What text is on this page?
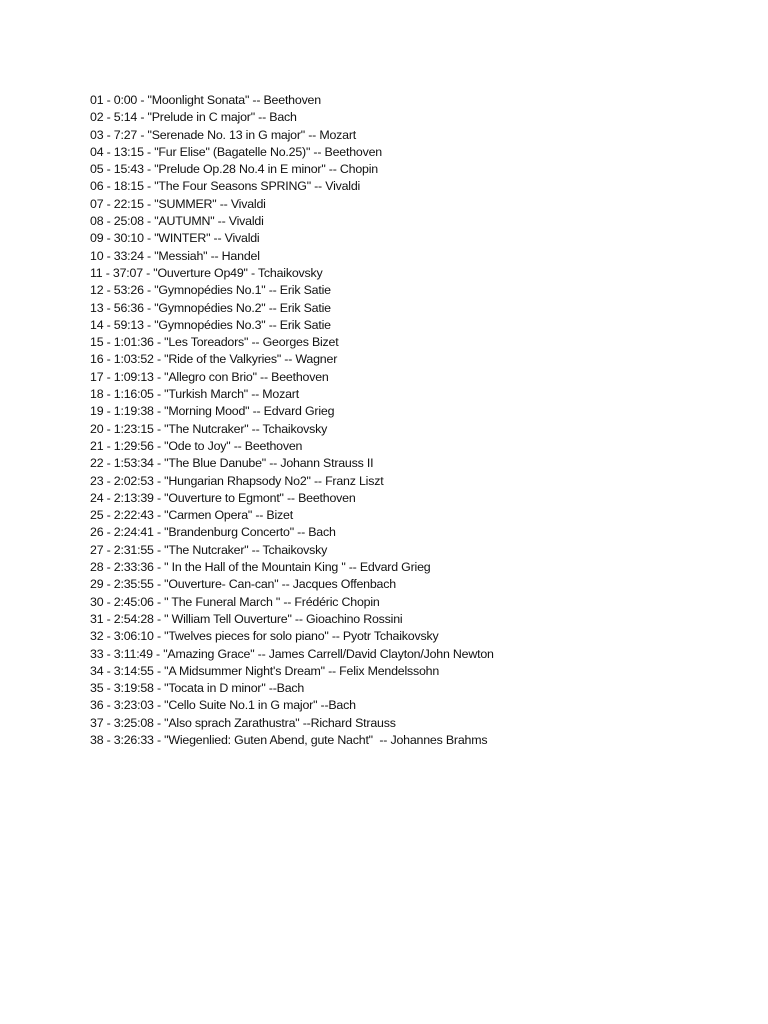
01 - 0:00 - "Moonlight Sonata" -- Beethoven
02 - 5:14 - "Prelude in C major" -- Bach
03 - 7:27 - "Serenade No. 13 in G major" -- Mozart
04 - 13:15 - "Fur Elise" (Bagatelle No.25)" -- Beethoven
05 - 15:43 - "Prelude Op.28 No.4 in E minor" -- Chopin
06 - 18:15 - "The Four Seasons SPRING" -- Vivaldi
07 - 22:15 - "SUMMER" -- Vivaldi
08 - 25:08 - "AUTUMN" -- Vivaldi
09 - 30:10 - "WINTER" -- Vivaldi
10 - 33:24 - "Messiah" -- Handel
11 - 37:07 - "Ouverture Op49" - Tchaikovsky
12 - 53:26 - "Gymnopédies No.1" -- Erik Satie
13 - 56:36 - "Gymnopédies No.2" -- Erik Satie
14 - 59:13 - "Gymnopédies No.3" -- Erik Satie
15 - 1:01:36 - "Les Toreadors" -- Georges Bizet
16 - 1:03:52 - "Ride of the Valkyries" -- Wagner
17 - 1:09:13 - "Allegro con Brio" -- Beethoven
18 - 1:16:05 - "Turkish March" -- Mozart
19 - 1:19:38 - "Morning Mood" -- Edvard Grieg
20 - 1:23:15 - "The Nutcraker" -- Tchaikovsky
21 - 1:29:56 - "Ode to Joy" -- Beethoven
22 - 1:53:34 - "The Blue Danube" -- Johann Strauss II
23 - 2:02:53 - "Hungarian Rhapsody No2" -- Franz Liszt
24 - 2:13:39 - "Ouverture to Egmont" -- Beethoven
25 - 2:22:43 - "Carmen Opera" -- Bizet
26 - 2:24:41 - "Brandenburg Concerto" -- Bach
27 - 2:31:55 - "The Nutcraker" -- Tchaikovsky
28 - 2:33:36 - " In the Hall of the Mountain King " -- Edvard Grieg
29 - 2:35:55 - "Ouverture- Can-can" -- Jacques Offenbach
30 - 2:45:06 - " The Funeral March " -- Frédéric Chopin
31 - 2:54:28 - " William Tell Ouverture" -- Gioachino Rossini
32 - 3:06:10 - "Twelves pieces for solo piano" -- Pyotr Tchaikovsky
33 - 3:11:49 - "Amazing Grace" -- James Carrell/David Clayton/John Newton
34 - 3:14:55 - "A Midsummer Night's Dream" -- Felix Mendelssohn
35 - 3:19:58 - "Tocata in D minor" --Bach
36 - 3:23:03 - "Cello Suite No.1 in G major" --Bach
37 - 3:25:08 - "Also sprach Zarathustra" --Richard Strauss
38 - 3:26:33 - "Wiegenlied: Guten Abend, gute Nacht"  -- Johannes Brahms
